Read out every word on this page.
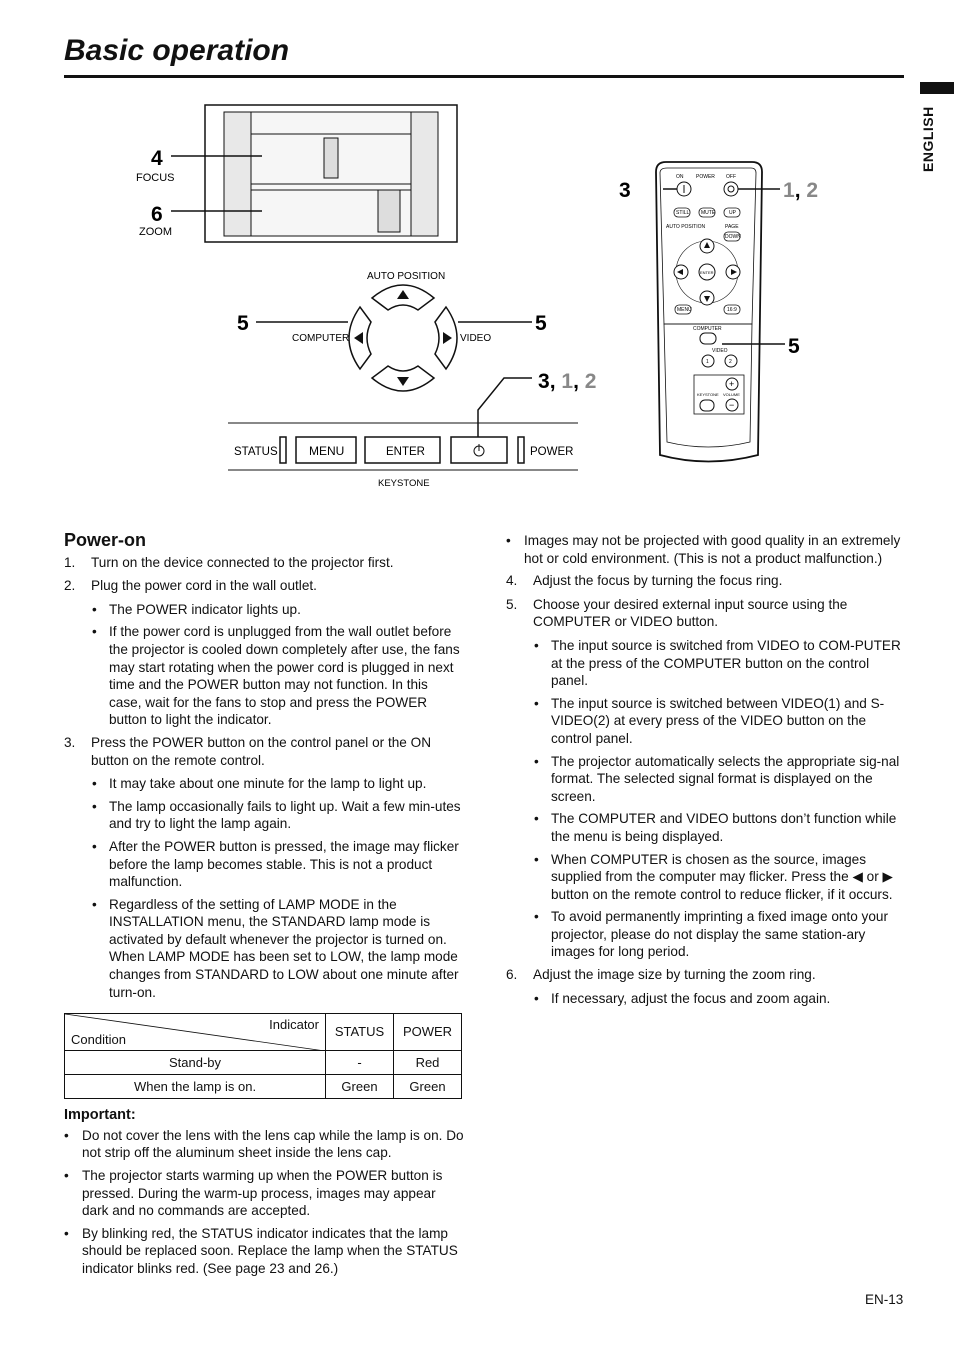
Basic operation
ENGLISH
4
FOCUS
6
ZOOM
AUTO POSITION
COMPUTER	VIDEO
5	5
3, 1, 2
STATUS	MENU	ENTER	POWER
KEYSTONE
ON	POWER OFF
STILL MUTE	UP
PAGE
DOWN
AUTO POSITION
ENTER
MENU	16:9
COMPUTER
VIDEO
1	2
KEYSTONE VOLUME
+
−
3	1, 2
5
Power-on

1. Turn on the device connected to the projector first.

2. Plug the power cord in the wall outlet.

• The POWER indicator lights up.

• If the power cord is unplugged from the wall outlet before the projector is cooled down completely after use, the fans may start rotating when the power cord is plugged in next time and the POWER button may not function. In this case, wait for the fans to stop and press the POWER button to light the indicator.

3. Press the POWER button on the control panel or the ON button on the remote control.

• It may take about one minute for the lamp to light up.

• The lamp occasionally fails to light up. Wait a few min-utes and try to light the lamp again.

• After the POWER button is pressed, the image may flicker before the lamp becomes stable. This is not a product malfunction.

• Regardless of the setting of LAMP MODE in the INSTALLATION menu, the STANDARD lamp mode is activated by default whenever the projector is turned on. When LAMP MODE has been set to LOW, the lamp mode changes from STANDARD to LOW about one minute after turn-on.

Indicator
Condition	STATUS	POWER
Stand-by	-	Red
When the lamp is on.	Green	Green
Important:

• Do not cover the lens with the lens cap while the lamp is on. Do not strip off the aluminum sheet inside the lens cap.

• The projector starts warming up when the POWER button is pressed. During the warm-up process, images may appear dark and no commands are accepted.

• By blinking red, the STATUS indicator indicates that the lamp should be replaced soon. Replace the lamp when the STATUS indicator blinks red. (See page 23 and 26.)

• Images may not be projected with good quality in an extremely hot or cold environment. (This is not a product malfunction.)

4. Adjust the focus by turning the focus ring.

5. Choose your desired external input source using the COMPUTER or VIDEO button.

• The input source is switched from VIDEO to COM-PUTER at the press of the COMPUTER button on the control panel.

• The input source is switched between VIDEO(1) and S-VIDEO(2) at every press of the VIDEO button on the control panel.

• The projector automatically selects the appropriate sig-nal format. The selected signal format is displayed on the screen.

• The COMPUTER and VIDEO buttons don’t function while the menu is being displayed.

• When COMPUTER is chosen as the source, images supplied from the computer may flicker. Press the ◀ or ▶ button on the remote control to reduce flicker, if it occurs.

• To avoid permanently imprinting a fixed image onto your projector, please do not display the same station-ary images for long period.

6. Adjust the image size by turning the zoom ring.

• If necessary, adjust the focus and zoom again.

EN-13
